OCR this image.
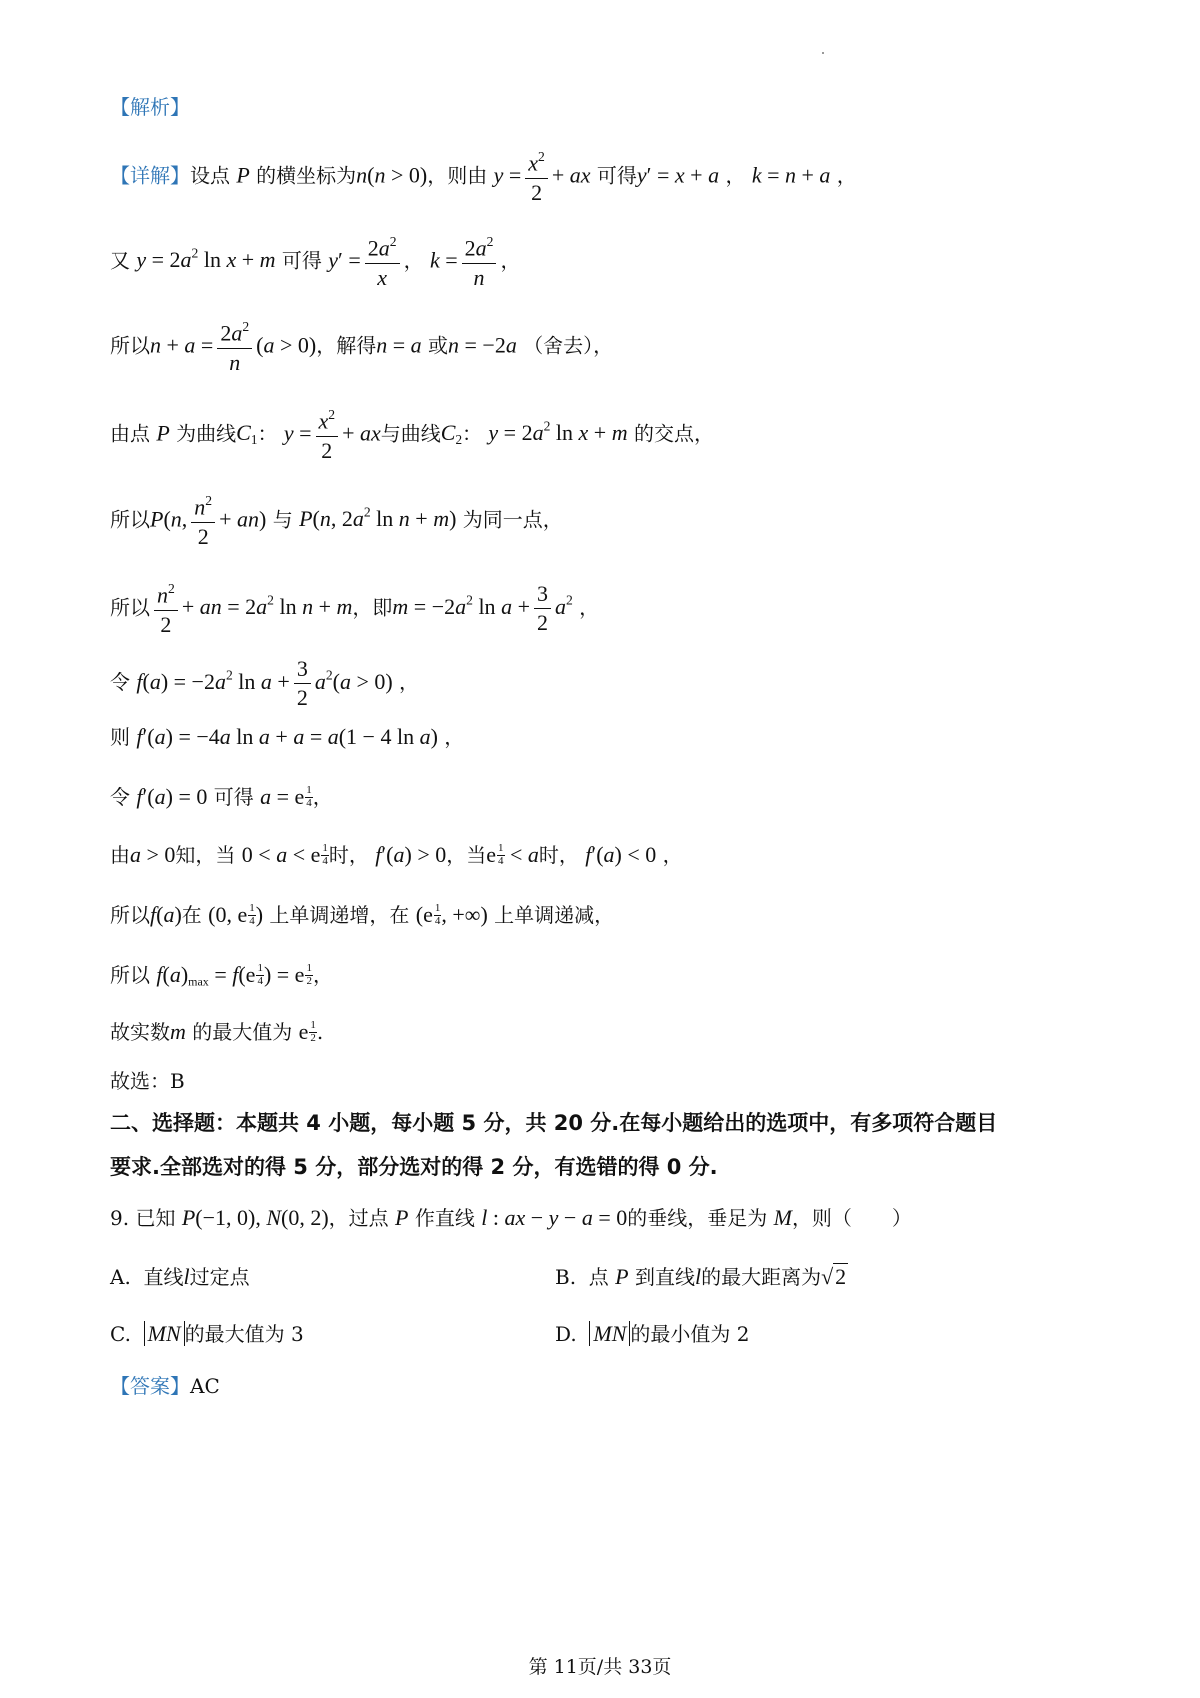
【解析】
【详解】设点 P 的横坐标为n(n > 0)，则由 $y = \frac{x^2}{2}$ + ax 可得y′ = x + a ， k = n + a ，
又 $y = 2a^2$ ln x + m 可得 $y' = \frac{2a^2}{x}$ ， $k = \frac{2a^2}{n}$ ，
所以$n + a = \frac{2a^2}{n} (a > 0)$，解得n = a 或n = −2a （舍去），
由点 P 为曲线$C_1$： $y = \frac{x^2}{2}$ + ax与曲线$C_2$： $y = 2a^2$ ln x + m 的交点，
所以P(n, $\frac{n^2}{2} + an$) 与 P(n, $2a^2$ ln n + m) 为同一点，
所以 $\frac{n^2}{2}$ + an = $2a^2$ ln n + m，即$m = -2a^2$ $\ln a + \frac{3}{2} a^2$ ，
令 $f(a) = -2a^2$ $\ln a + \frac{3}{2} a^2(a > 0)$ ，
则 f′(a) = −4a ln a + a = a(1 − 4 ln a) ，
令 f′(a) = 0 可得 a = e $\frac{1}{4}$ ，
由a > 0知，当 0 < a < e $\frac{1}{4}$ 时， f′(a) > 0，当e $\frac{1}{4} < a$时， f′(a) < 0 ，
所以f(a)在 (0, e $\frac{1}{4}$ ) 上单调递增，在 ($e \frac{1}{4}$ , +∞) 上单调递减，
所以 $f(a)_{max} = f(e \frac{1}{4}$ ) = e $\frac{1}{2}$ ，
故实数m 的最大值为 e $\frac{1}{2}$ .
故选：B
二、选择题：本题共 4 小题，每小题 5 分，共 20 分.在每小题给出的选项中，有多项符合题目
要求.全部选对的得 5 分，部分选对的得 2 分，有选错的得 0 分.
9. 已知 P(−1, 0), N(0, 2)，过点 P 作直线 l : ax − y − a = 0的垂线，垂足为 M，则（　　）
A. 直线l过定点	B. 点 P 到直线l的最大距离为√2
C. MN 的最大值为 3	D. MN 的最小值为 2
【答案】AC
第 11页/共 33页
